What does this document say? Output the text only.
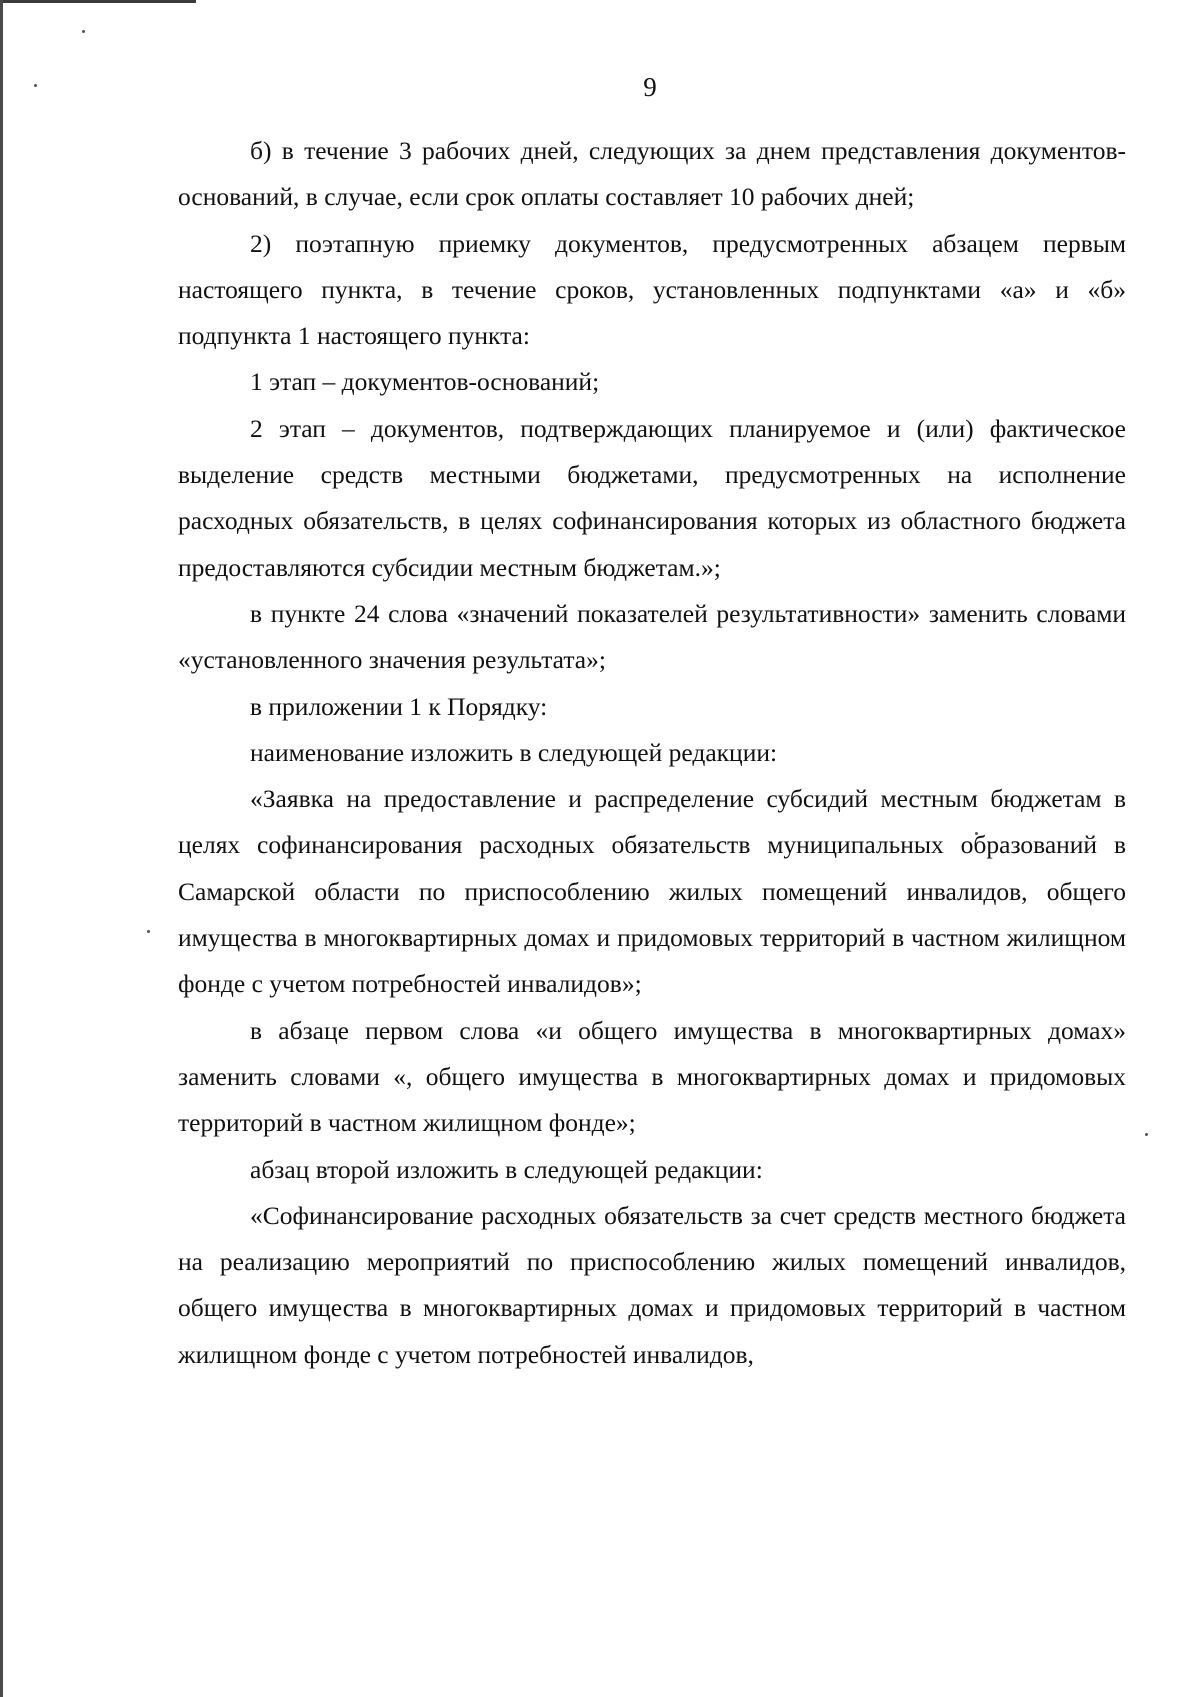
9

б) в течение 3 рабочих дней, следующих за днем представления документов-оснований, в случае, если срок оплаты составляет 10 рабочих дней;

2) поэтапную приемку документов, предусмотренных абзацем первым настоящего пункта, в течение сроков, установленных подпунктами «а» и «б» подпункта 1 настоящего пункта:

1 этап – документов-оснований;

2 этап – документов, подтверждающих планируемое и (или) фактическое выделение средств местными бюджетами, предусмотренных на исполнение расходных обязательств, в целях софинансирования которых из областного бюджета предоставляются субсидии местным бюджетам.»;

в пункте 24 слова «значений показателей результативности» заменить словами «установленного значения результата»;

в приложении 1 к Порядку:

наименование изложить в следующей редакции:

«Заявка на предоставление и распределение субсидий местным бюджетам в целях софинансирования расходных обязательств муниципальных образований в Самарской области по приспособлению жилых помещений инвалидов, общего имущества в многоквартирных домах и придомовых территорий в частном жилищном фонде с учетом потребностей инвалидов»;

в абзаце первом слова «и общего имущества в многоквартирных домах» заменить словами «, общего имущества в многоквартирных домах и придомовых территорий в частном жилищном фонде»;

абзац второй изложить в следующей редакции:

«Софинансирование расходных обязательств за счет средств местного бюджета на реализацию мероприятий по приспособлению жилых помещений инвалидов, общего имущества в многоквартирных домах и придомовых территорий в частном жилищном фонде с учетом потребностей инвалидов,
